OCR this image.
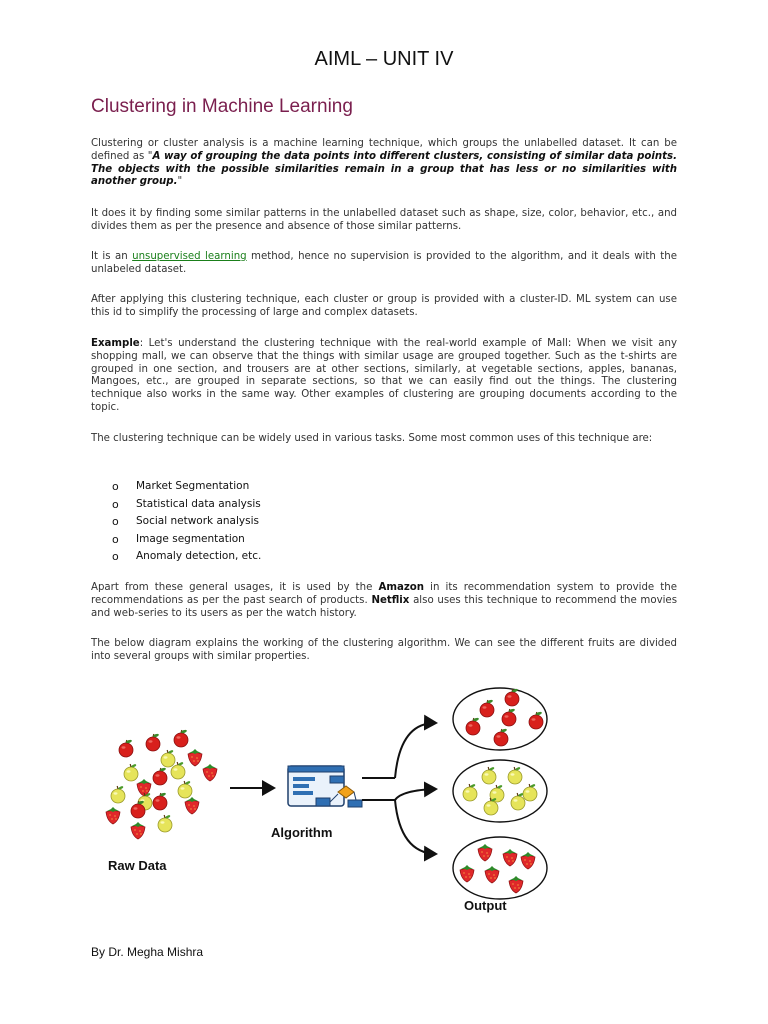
AIML – UNIT IV
Clustering in Machine Learning
Clustering or cluster analysis is a machine learning technique, which groups the unlabelled dataset. It can be defined as "A way of grouping the data points into different clusters, consisting of similar data points. The objects with the possible similarities remain in a group that has less or no similarities with another group."
It does it by finding some similar patterns in the unlabelled dataset such as shape, size, color, behavior, etc., and divides them as per the presence and absence of those similar patterns.
It is an unsupervised learning method, hence no supervision is provided to the algorithm, and it deals with the unlabeled dataset.
After applying this clustering technique, each cluster or group is provided with a cluster-ID. ML system can use this id to simplify the processing of large and complex datasets.
Example: Let's understand the clustering technique with the real-world example of Mall: When we visit any shopping mall, we can observe that the things with similar usage are grouped together. Such as the t-shirts are grouped in one section, and trousers are at other sections, similarly, at vegetable sections, apples, bananas, Mangoes, etc., are grouped in separate sections, so that we can easily find out the things. The clustering technique also works in the same way. Other examples of clustering are grouping documents according to the topic.
The clustering technique can be widely used in various tasks. Some most common uses of this technique are:
o	Market Segmentation
o	Statistical data analysis
o	Social network analysis
o	Image segmentation
o	Anomaly detection, etc.
Apart from these general usages, it is used by the Amazon in its recommendation system to provide the recommendations as per the past search of products. Netflix also uses this technique to recommend the movies and web-series to its users as per the watch history.
The below diagram explains the working of the clustering algorithm. We can see the different fruits are divided into several groups with similar properties.
Raw Data
Algorithm
Output
By Dr. Megha Mishra
